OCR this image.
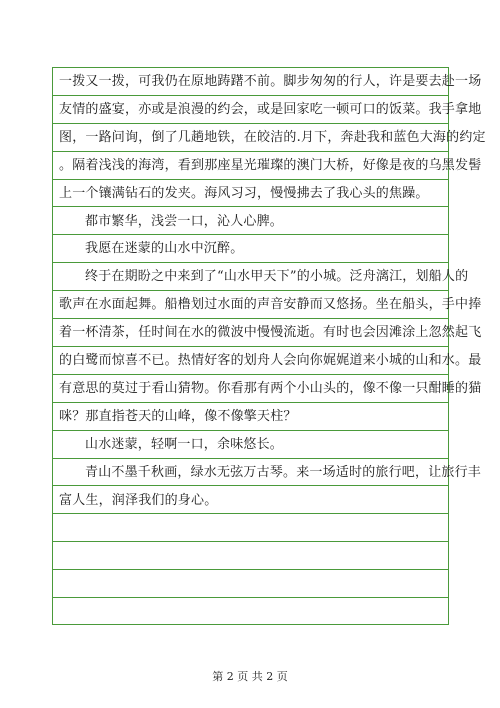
一拨又一拨，可我仍在原地踌躇不前。脚步匆匆的行人，许是要去赴一场
友情的盛宴，亦或是浪漫的约会，或是回家吃一顿可口的饭菜。我手拿地
图，一路问询，倒了几趟地铁，在皎洁的.月下，奔赴我和蓝色大海的约定
。隔着浅浅的海湾，看到那座星光璀璨的澳门大桥，好像是夜的乌黑发髻
上一个镶满钻石的发夹。海风习习，慢慢拂去了我心头的焦躁。
都市繁华，浅尝一口，沁人心脾。
我愿在迷蒙的山水中沉醉。
终于在期盼之中来到了“山水甲天下”的小城。泛舟漓江，划船人的
歌声在水面起舞。船橹划过水面的声音安静而又悠扬。坐在船头，手中捧
着一杯清茶，任时间在水的微波中慢慢流逝。有时也会因滩涂上忽然起飞
的白鹭而惊喜不已。热情好客的划舟人会向你娓娓道来小城的山和水。最
有意思的莫过于看山猜物。你看那有两个小山头的，像不像一只酣睡的猫
咪？那直指苍天的山峰，像不像擎天柱？
山水迷蒙，轻啊一口，余味悠长。
青山不墨千秋画，绿水无弦万古琴。来一场适时的旅行吧，让旅行丰
富人生，润泽我们的身心。
第 2 页 共 2 页
